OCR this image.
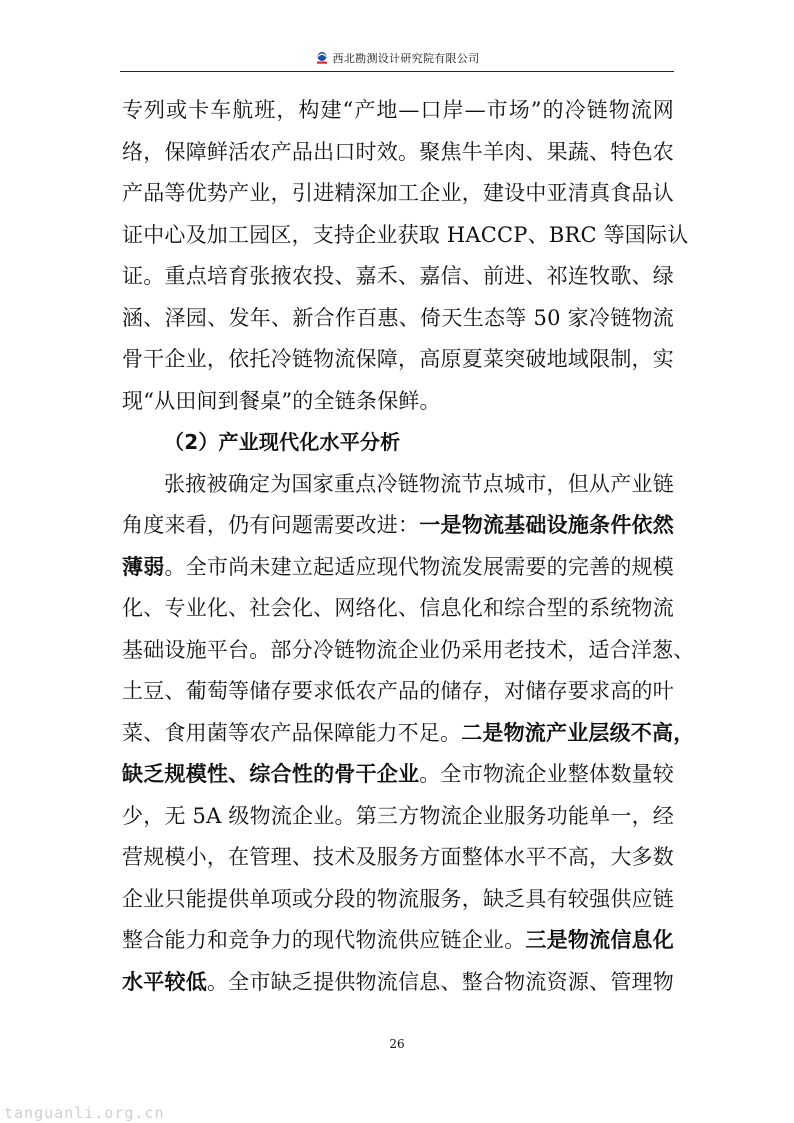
西北勘测设计研究院有限公司
专列或卡车航班，构建“产地—口岸—市场”的冷链物流网
络，保障鲜活农产品出口时效。聚焦牛羊肉、果蔬、特色农
产品等优势产业，引进精深加工企业，建设中亚清真食品认
证中心及加工园区，支持企业获取 HACCP、BRC 等国际认
证。重点培育张掖农投、嘉禾、嘉信、前进、祁连牧歌、绿
涵、泽园、发年、新合作百惠、倚天生态等 50 家冷链物流
骨干企业，依托冷链物流保障，高原夏菜突破地域限制，实
现“从田间到餐桌”的全链条保鲜。
（2）产业现代化水平分析
张掖被确定为国家重点冷链物流节点城市，但从产业链
角度来看，仍有问题需要改进：一是物流基础设施条件依然
薄弱。全市尚未建立起适应现代物流发展需要的完善的规模
化、专业化、社会化、网络化、信息化和综合型的系统物流
基础设施平台。部分冷链物流企业仍采用老技术，适合洋葱、
土豆、葡萄等储存要求低农产品的储存，对储存要求高的叶
菜、食用菌等农产品保障能力不足。二是物流产业层级不高，
缺乏规模性、综合性的骨干企业。全市物流企业整体数量较
少，无 5A 级物流企业。第三方物流企业服务功能单一，经
营规模小，在管理、技术及服务方面整体水平不高，大多数
企业只能提供单项或分段的物流服务，缺乏具有较强供应链
整合能力和竞争力的现代物流供应链企业。三是物流信息化
水平较低。全市缺乏提供物流信息、整合物流资源、管理物
26
tanguanli.org.cn
